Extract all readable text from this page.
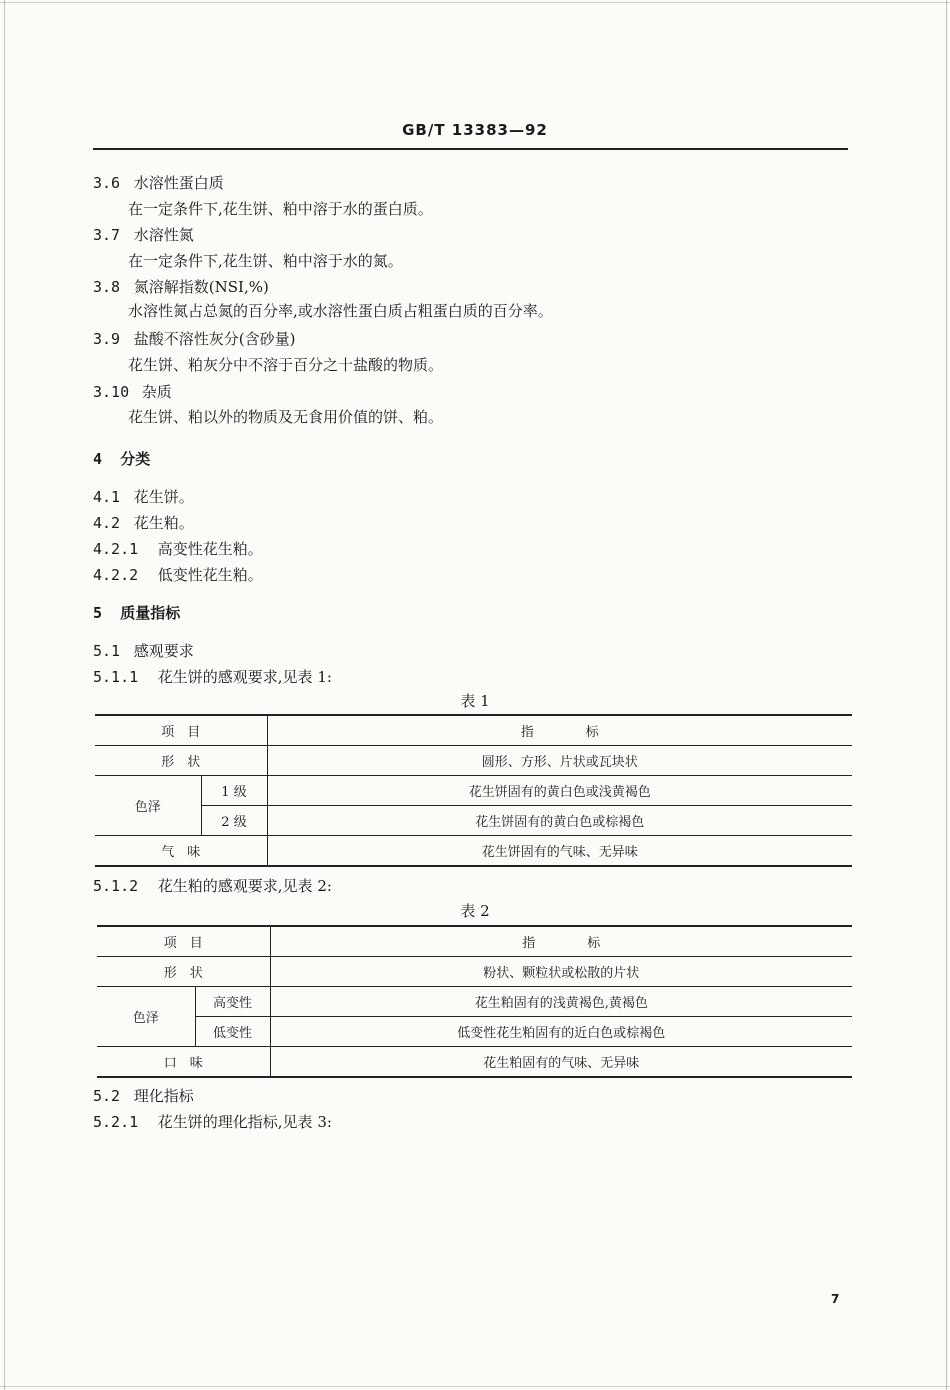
GB/T 13383—92
3.6 水溶性蛋白质
在一定条件下,花生饼、粕中溶于水的蛋白质。
3.7 水溶性氮
在一定条件下,花生饼、粕中溶于水的氮。
3.8 氮溶解指数(NSI,%)
水溶性氮占总氮的百分率,或水溶性蛋白质占粗蛋白质的百分率。
3.9 盐酸不溶性灰分(含砂量)
花生饼、粕灰分中不溶于百分之十盐酸的物质。
3.10 杂质
花生饼、粕以外的物质及无食用价值的饼、粕。
4 分类
4.1 花生饼。
4.2 花生粕。
4.2.1 高变性花生粕。
4.2.2 低变性花生粕。
5 质量指标
5.1 感观要求
5.1.1 花生饼的感观要求,见表 1:
表 1
项　目		指　　　　标
形　状		圆形、方形、片状或瓦块状
色泽	1 级	花生饼固有的黄白色或浅黄褐色
	2 级	花生饼固有的黄白色或棕褐色
气　味		花生饼固有的气味、无异味
5.1.2 花生粕的感观要求,见表 2:
表 2
项　目		指　　　　标
形　状		粉状、颗粒状或松散的片状
色泽	高变性	花生粕固有的浅黄褐色,黄褐色
	低变性	低变性花生粕固有的近白色或棕褐色
口　味		花生粕固有的气味、无异味
5.2 理化指标
5.2.1 花生饼的理化指标,见表 3:
7
